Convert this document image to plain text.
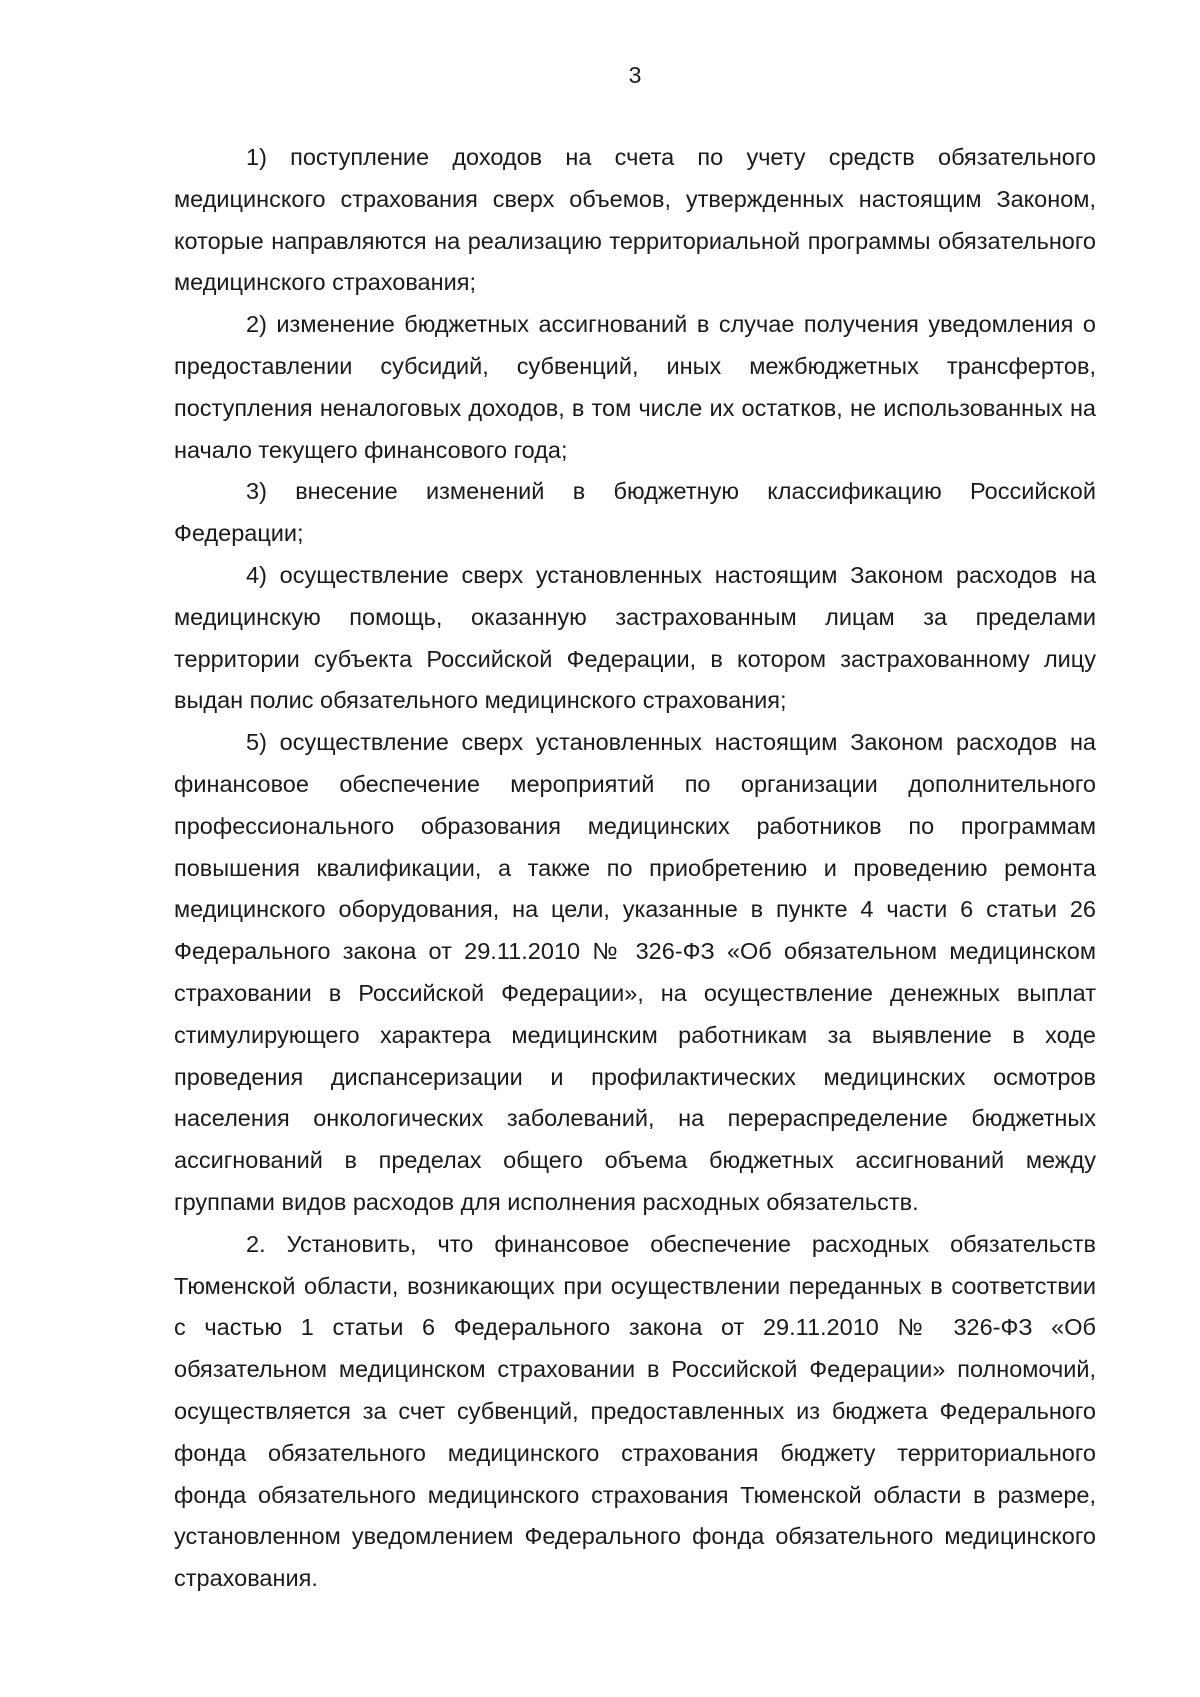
3

1) поступление доходов на счета по учету средств обязательного медицинского страхования сверх объемов, утвержденных настоящим Законом, которые направляются на реализацию территориальной программы обязательного медицинского страхования;

2) изменение бюджетных ассигнований в случае получения уведомления о предоставлении субсидий, субвенций, иных межбюджетных трансфертов, поступления неналоговых доходов, в том числе их остатков, не использованных на начало текущего финансового года;

3) внесение изменений в бюджетную классификацию Российской Федерации;

4) осуществление сверх установленных настоящим Законом расходов на медицинскую помощь, оказанную застрахованным лицам за пределами территории субъекта Российской Федерации, в котором застрахованному лицу выдан полис обязательного медицинского страхования;

5) осуществление сверх установленных настоящим Законом расходов на финансовое обеспечение мероприятий по организации дополнительного профессионального образования медицинских работников по программам повышения квалификации, а также по приобретению и проведению ремонта медицинского оборудования, на цели, указанные в пункте 4 части 6 статьи 26 Федерального закона от 29.11.2010 № 326-ФЗ «Об обязательном медицинском страховании в Российской Федерации», на осуществление денежных выплат стимулирующего характера медицинским работникам за выявление в ходе проведения диспансеризации и профилактических медицинских осмотров населения онкологических заболеваний, на перераспределение бюджетных ассигнований в пределах общего объема бюджетных ассигнований между группами видов расходов для исполнения расходных обязательств.

2. Установить, что финансовое обеспечение расходных обязательств Тюменской области, возникающих при осуществлении переданных в соответствии с частью 1 статьи 6 Федерального закона от 29.11.2010 № 326-ФЗ «Об обязательном медицинском страховании в Российской Федерации» полномочий, осуществляется за счет субвенций, предоставленных из бюджета Федерального фонда обязательного медицинского страхования бюджету территориального фонда обязательного медицинского страхования Тюменской области в размере, установленном уведомлением Федерального фонда обязательного медицинского страхования.
